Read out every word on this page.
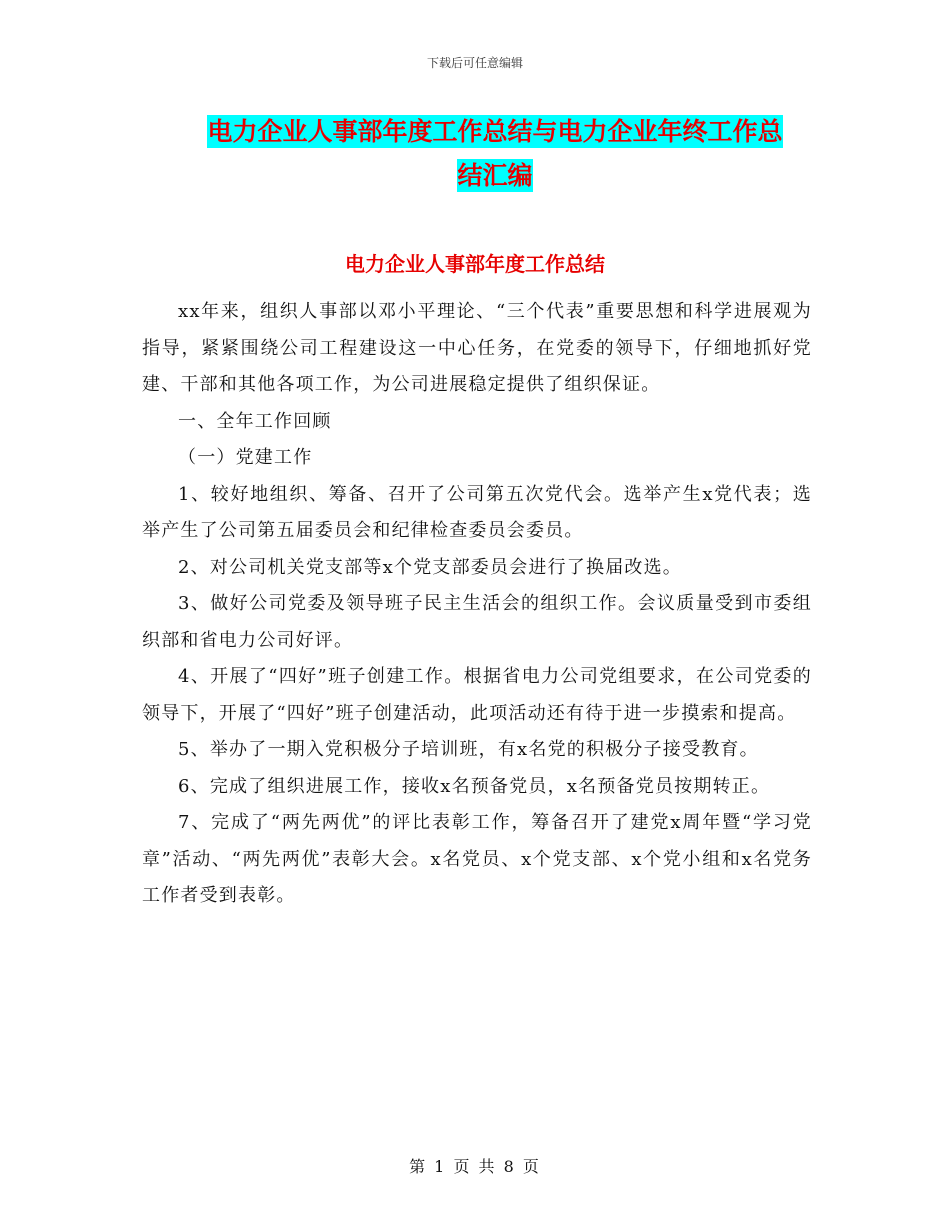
下载后可任意编辑
电力企业人事部年度工作总结与电力企业年终工作总
结汇编
电力企业人事部年度工作总结

xx年来，组织人事部以邓小平理论、“三个代表”重要思想和科学进展观为指导，紧紧围绕公司工程建设这一中心任务，在党委的领导下，仔细地抓好党建、干部和其他各项工作，为公司进展稳定提供了组织保证。

一、全年工作回顾

（一）党建工作

1、较好地组织、筹备、召开了公司第五次党代会。选举产生x党代表；选举产生了公司第五届委员会和纪律检查委员会委员。

2、对公司机关党支部等x个党支部委员会进行了换届改选。

3、做好公司党委及领导班子民主生活会的组织工作。会议质量受到市委组织部和省电力公司好评。

4、开展了“四好”班子创建工作。根据省电力公司党组要求，在公司党委的领导下，开展了“四好”班子创建活动，此项活动还有待于进一步摸索和提高。

5、举办了一期入党积极分子培训班，有x名党的积极分子接受教育。

6、完成了组织进展工作，接收x名预备党员，x名预备党员按期转正。

7、完成了“两先两优”的评比表彰工作，筹备召开了建党x周年暨“学习党章”活动、“两先两优”表彰大会。x名党员、x个党支部、x个党小组和x名党务工作者受到表彰。

第 1 页 共 8 页
